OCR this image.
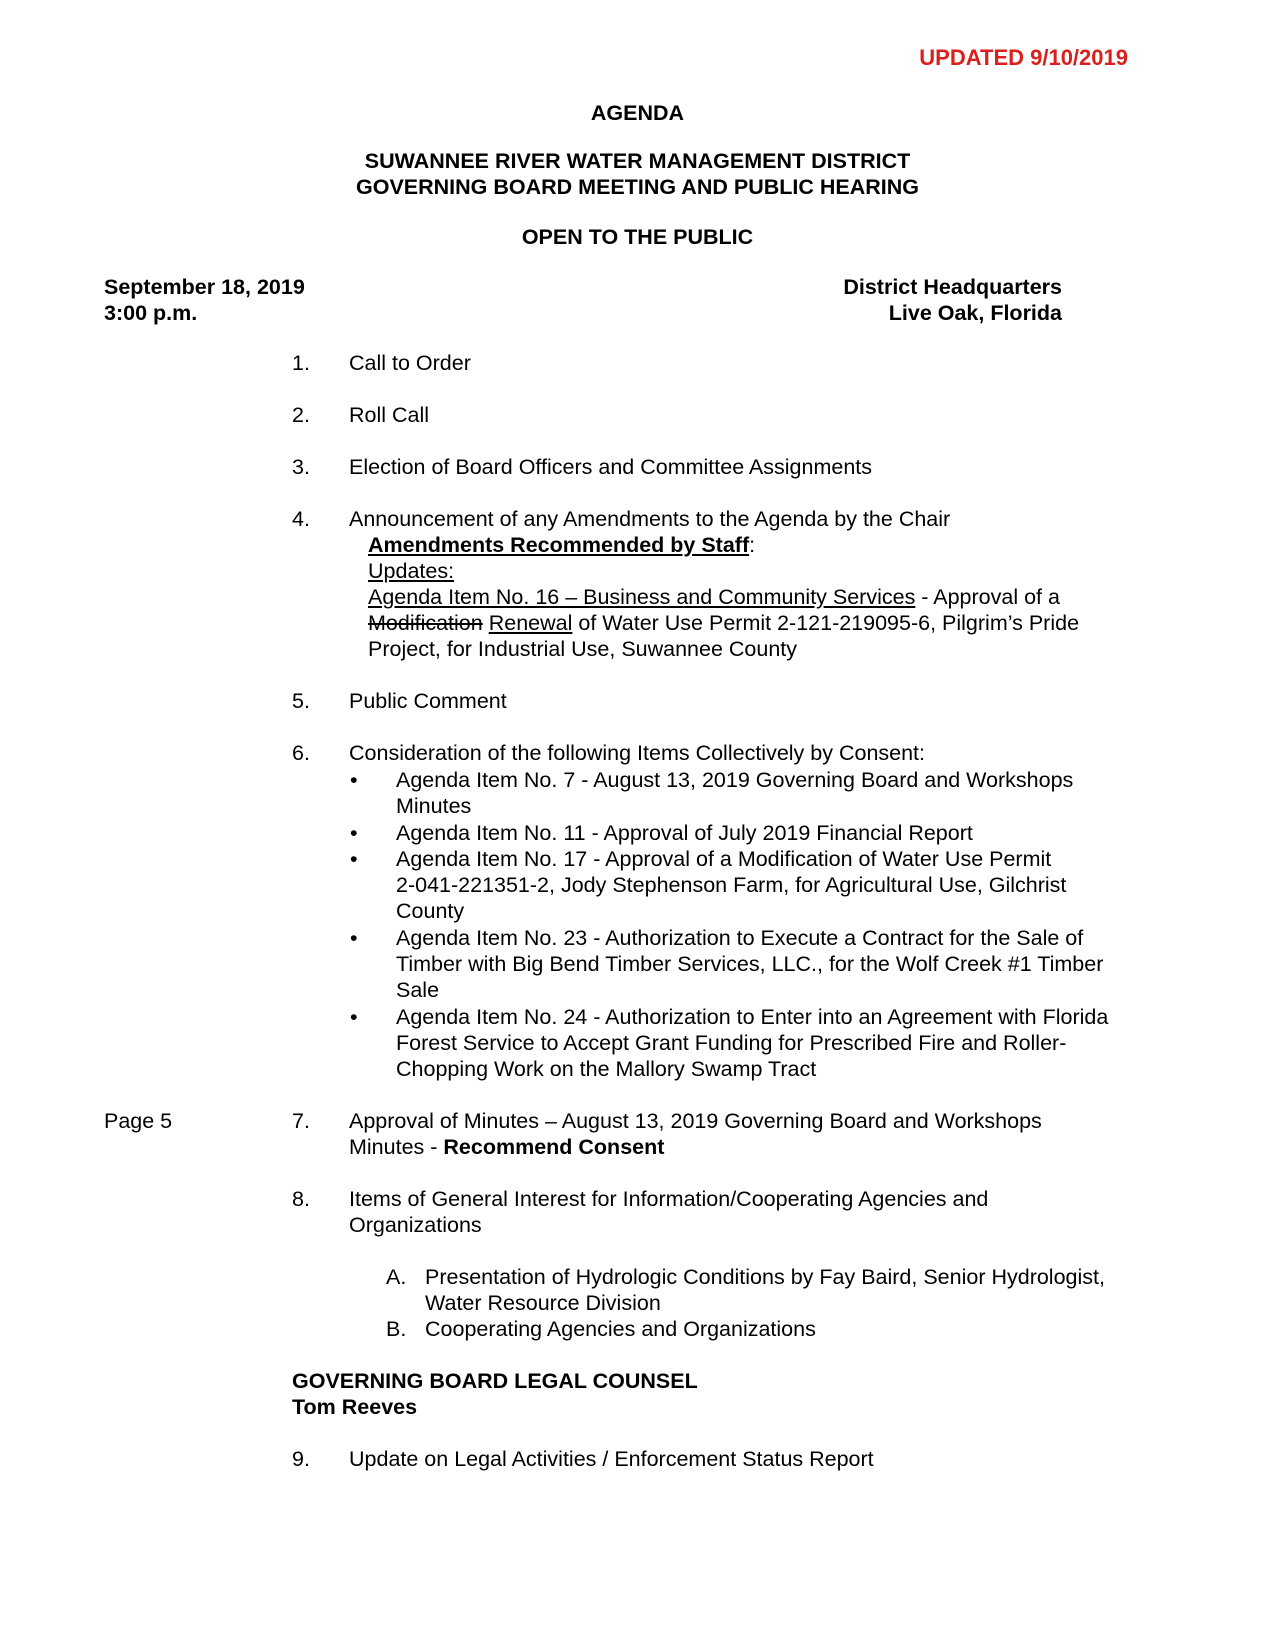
UPDATED 9/10/2019
AGENDA
SUWANNEE RIVER WATER MANAGEMENT DISTRICT
GOVERNING BOARD MEETING AND PUBLIC HEARING
OPEN TO THE PUBLIC
September 18, 2019
3:00 p.m.
District Headquarters
Live Oak, Florida
1. Call to Order
2. Roll Call
3. Election of Board Officers and Committee Assignments
4. Announcement of any Amendments to the Agenda by the Chair
Amendments Recommended by Staff:
Updates:
Agenda Item No. 16 – Business and Community Services - Approval of a
Modification Renewal of Water Use Permit 2-121-219095-6, Pilgrim’s Pride
Project, for Industrial Use, Suwannee County
5. Public Comment
6. Consideration of the following Items Collectively by Consent:
• Agenda Item No. 7 - August 13, 2019 Governing Board and Workshops
Minutes
• Agenda Item No. 11 - Approval of July 2019 Financial Report
• Agenda Item No. 17 - Approval of a Modification of Water Use Permit
2-041-221351-2, Jody Stephenson Farm, for Agricultural Use, Gilchrist
County
• Agenda Item No. 23 - Authorization to Execute a Contract for the Sale of
Timber with Big Bend Timber Services, LLC., for the Wolf Creek #1 Timber
Sale
• Agenda Item No. 24 - Authorization to Enter into an Agreement with Florida
Forest Service to Accept Grant Funding for Prescribed Fire and Roller-
Chopping Work on the Mallory Swamp Tract
Page 5	7. Approval of Minutes – August 13, 2019 Governing Board and Workshops
Minutes - Recommend Consent
8. Items of General Interest for Information/Cooperating Agencies and
Organizations
A. Presentation of Hydrologic Conditions by Fay Baird, Senior Hydrologist,
Water Resource Division
B. Cooperating Agencies and Organizations
GOVERNING BOARD LEGAL COUNSEL
Tom Reeves
9. Update on Legal Activities / Enforcement Status Report
